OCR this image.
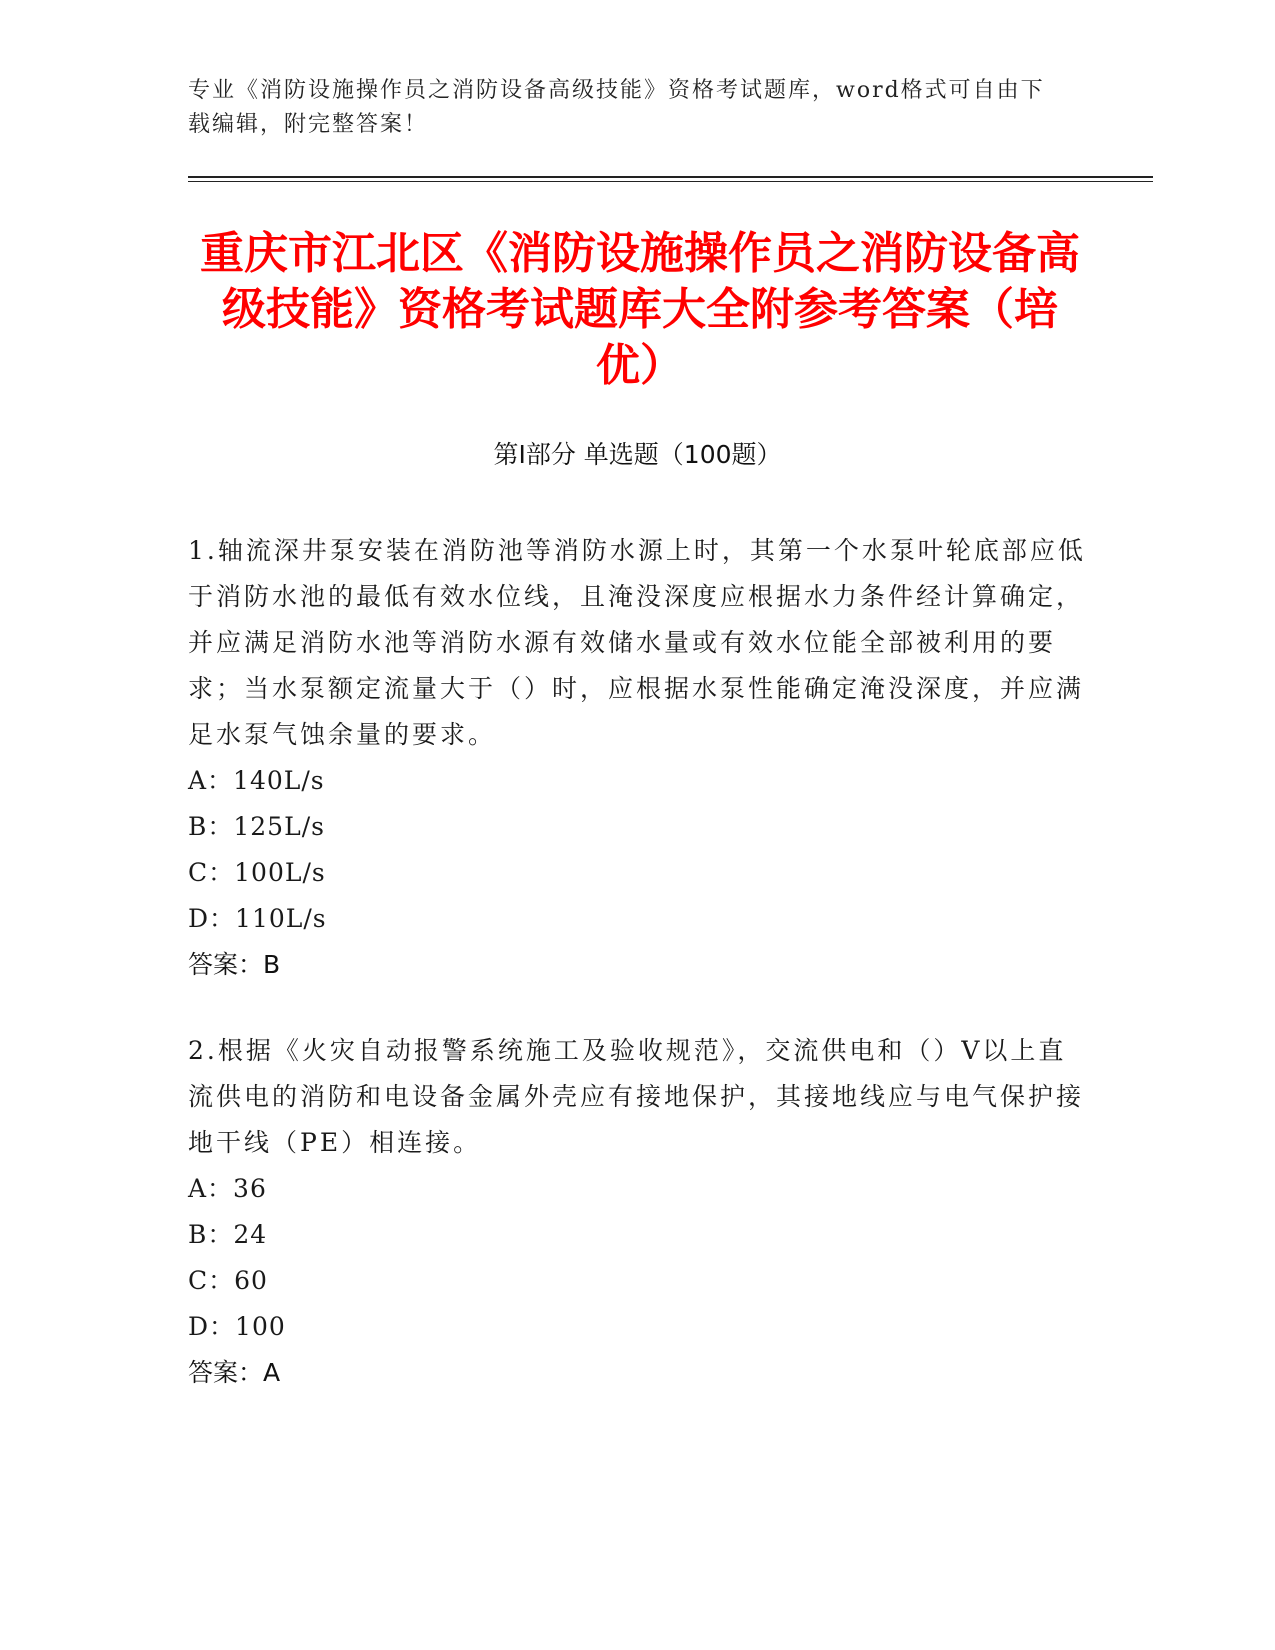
专业《消防设施操作员之消防设备高级技能》资格考试题库，word格式可自由下载编辑，附完整答案！
重庆市江北区《消防设施操作员之消防设备高级技能》资格考试题库大全附参考答案（培优）
第I部分 单选题（100题）

1.轴流深井泵安装在消防池等消防水源上时，其第一个水泵叶轮底部应低于消防水池的最低有效水位线，且淹没深度应根据水力条件经计算确定，并应满足消防水池等消防水源有效储水量或有效水位能全部被利用的要求；当水泵额定流量大于（）时，应根据水泵性能确定淹没深度，并应满足水泵气蚀余量的要求。

A：140L/s

B：125L/s

C：100L/s

D：110L/s

答案：B

2.根据《火灾自动报警系统施工及验收规范》，交流供电和（）V以上直流供电的消防和电设备金属外壳应有接地保护，其接地线应与电气保护接地干线（PE）相连接。

A：36

B：24

C：60

D：100

答案：A
